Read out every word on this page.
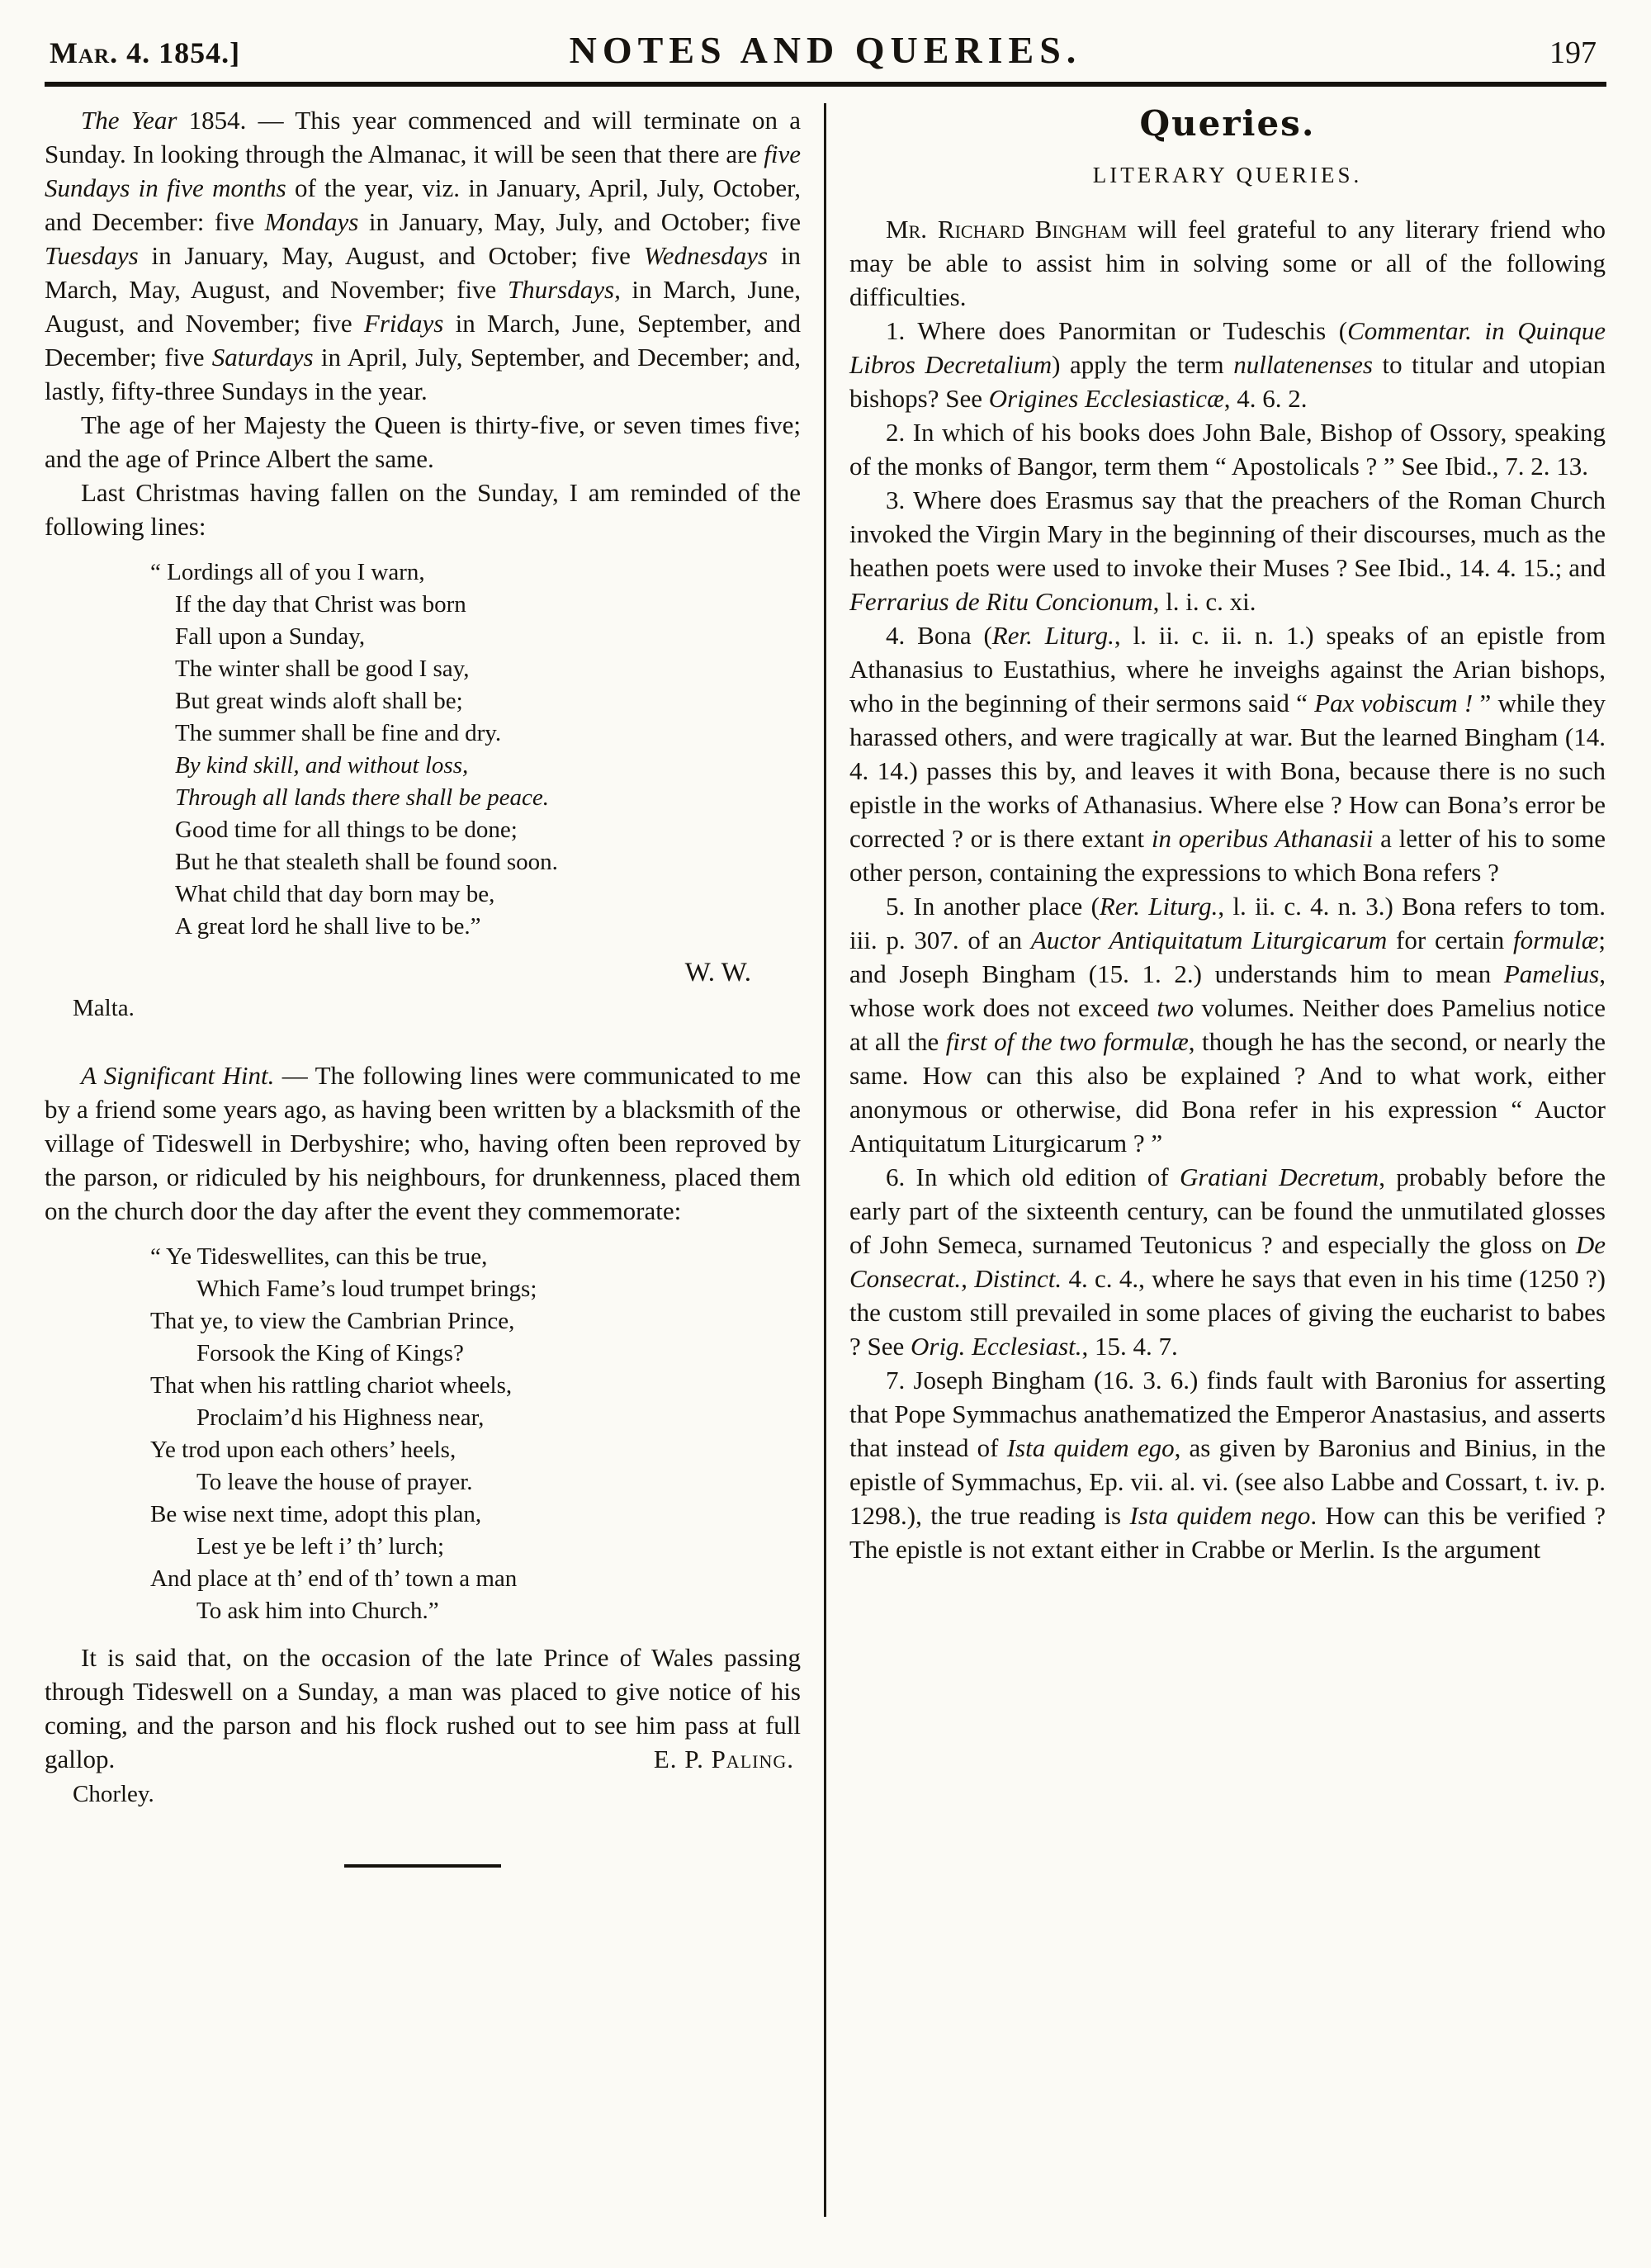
Mar. 4. 1854.]	NOTES AND QUERIES.	197

The Year 1854. — This year commenced and will terminate on a Sunday. In looking through the Almanac, it will be seen that there are five Sundays in five months of the year, viz. in January, April, July, October, and December: five Mondays in January, May, July, and October; five Tuesdays in January, May, August, and October; five Wednesdays in March, May, August, and November; five Thursdays, in March, June, August, and November; five Fridays in March, June, September, and December; five Saturdays in April, July, September, and December; and, lastly, fifty-three Sundays in the year.

The age of her Majesty the Queen is thirty-five, or seven times five; and the age of Prince Albert the same.

Last Christmas having fallen on the Sunday, I am reminded of the following lines:

“ Lordings all of you I warn,
If the day that Christ was born
Fall upon a Sunday,
The winter shall be good I say,
But great winds aloft shall be;
The summer shall be fine and dry.
By kind skill, and without loss,
Through all lands there shall be peace.
Good time for all things to be done;
But he that stealeth shall be found soon.
What child that day born may be,
A great lord he shall live to be.”
W. W.
Malta.

A Significant Hint. — The following lines were communicated to me by a friend some years ago, as having been written by a blacksmith of the village of Tideswell in Derbyshire; who, having often been reproved by the parson, or ridiculed by his neighbours, for drunkenness, placed them on the church door the day after the event they commemorate:

“ Ye Tideswellites, can this be true,
Which Fame’s loud trumpet brings;
That ye, to view the Cambrian Prince,
Forsook the King of Kings?
That when his rattling chariot wheels,
Proclaim’d his Highness near,
Ye trod upon each others’ heels,
To leave the house of prayer.
Be wise next time, adopt this plan,
Lest ye be left i’ th’ lurch;
And place at th’ end of th’ town a man
To ask him into Church.”

It is said that, on the occasion of the late Prince of Wales passing through Tideswell on a Sunday, a man was placed to give notice of his coming, and the parson and his flock rushed out to see him pass at full gallop.	E. P. Paling.

Chorley.
Queries.
LITERARY QUERIES.

Mr. Richard Bingham will feel grateful to any literary friend who may be able to assist him in solving some or all of the following difficulties.

1. Where does Panormitan or Tudeschis (Commentar. in Quinque Libros Decretalium) apply the term nullatenenses to titular and utopian bishops? See Origines Ecclesiasticæ, 4. 6. 2.

2. In which of his books does John Bale, Bishop of Ossory, speaking of the monks of Bangor, term them “ Apostolicals ? ” See Ibid., 7. 2. 13.

3. Where does Erasmus say that the preachers of the Roman Church invoked the Virgin Mary in the beginning of their discourses, much as the heathen poets were used to invoke their Muses ? See Ibid., 14. 4. 15.; and Ferrarius de Ritu Concionum, l. i. c. xi.

4. Bona (Rer. Liturg., l. ii. c. ii. n. 1.) speaks of an epistle from Athanasius to Eustathius, where he inveighs against the Arian bishops, who in the beginning of their sermons said “ Pax vobiscum ! ” while they harassed others, and were tragically at war. But the learned Bingham (14. 4. 14.) passes this by, and leaves it with Bona, because there is no such epistle in the works of Athanasius. Where else ? How can Bona’s error be corrected ? or is there extant in operibus Athanasii a letter of his to some other person, containing the expressions to which Bona refers ?

5. In another place (Rer. Liturg., l. ii. c. 4. n. 3.) Bona refers to tom. iii. p. 307. of an Auctor Antiquitatum Liturgicarum for certain formulæ; and Joseph Bingham (15. 1. 2.) understands him to mean Pamelius, whose work does not exceed two volumes. Neither does Pamelius notice at all the first of the two formulæ, though he has the second, or nearly the same. How can this also be explained ? And to what work, either anonymous or otherwise, did Bona refer in his expression “ Auctor Antiquitatum Liturgicarum ? ”

6. In which old edition of Gratiani Decretum, probably before the early part of the sixteenth century, can be found the unmutilated glosses of John Semeca, surnamed Teutonicus ? and especially the gloss on De Consecrat., Distinct. 4. c. 4., where he says that even in his time (1250 ?) the custom still prevailed in some places of giving the eucharist to babes ? See Orig. Ecclesiast., 15. 4. 7.

7. Joseph Bingham (16. 3. 6.) finds fault with Baronius for asserting that Pope Symmachus anathematized the Emperor Anastasius, and asserts that instead of Ista quidem ego, as given by Baronius and Binius, in the epistle of Symmachus, Ep. vii. al. vi. (see also Labbe and Cossart, t. iv. p. 1298.), the true reading is Ista quidem nego. How can this be verified ? The epistle is not extant either in Crabbe or Merlin. Is the argument
